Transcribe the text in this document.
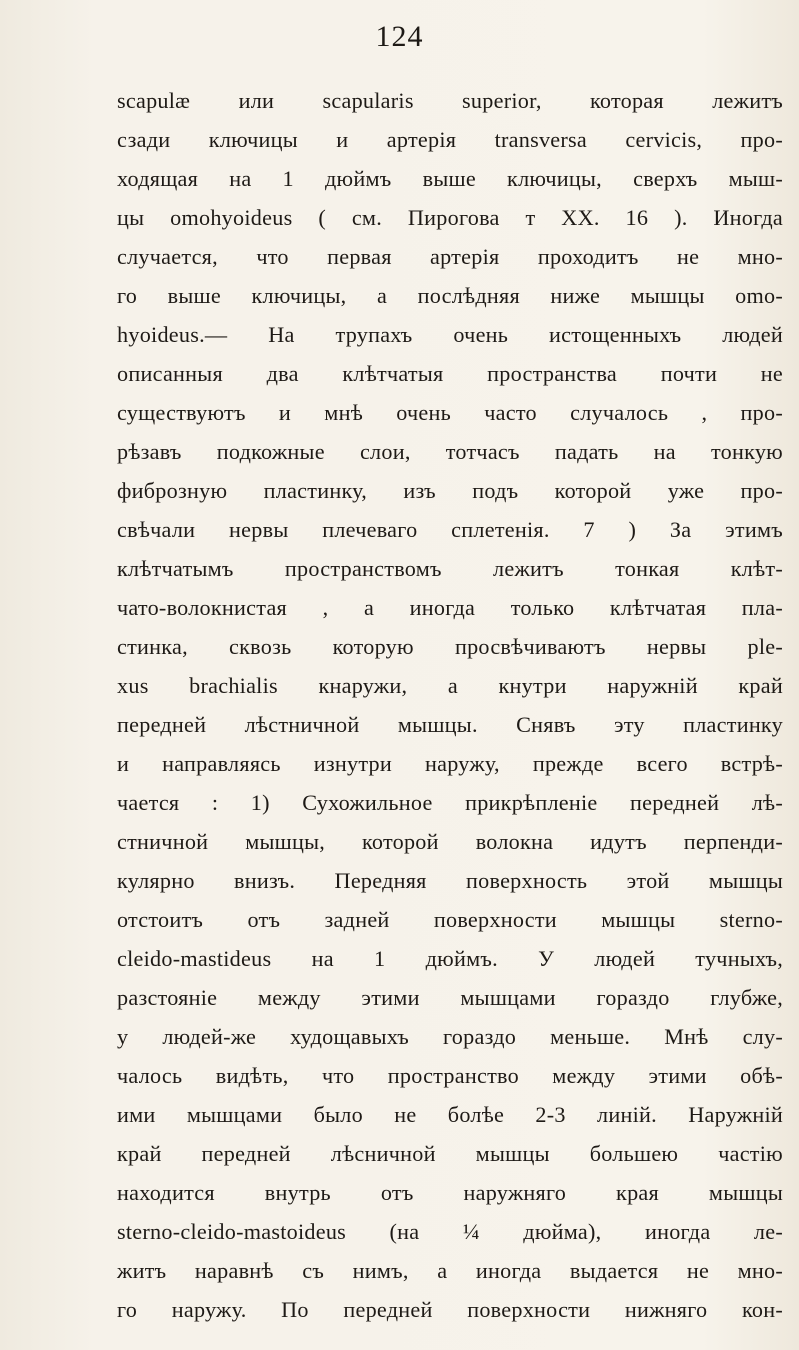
124
scapulæ или scapularis superior, которая лежитъ
сзади ключицы и артерія transversa cervicis, про-
ходящая на 1 дюймъ выше ключицы, сверхъ мыш-
цы omohyoideus ( см. Пирогова т XX. 16 ). Иногда
случается, что первая артерія проходитъ не мно-
го выше ключицы, а послѣдняя ниже мышцы omo-
hyoideus.— На трупахъ очень истощенныхъ людей
описанныя два клѣтчатыя пространства почти не
существуютъ и мнѣ очень часто случалось , про-
рѣзавъ подкожные слои, тотчасъ падать на тонкую
фиброзную пластинку, изъ подъ которой уже про-
свѣчали нервы плечеваго сплетенія. 7 ) За этимъ
клѣтчатымъ пространствомъ лежитъ тонкая клѣт-
чато-волокнистая , а иногда только клѣтчатая пла-
стинка, сквозь которую просвѣчиваютъ нервы ple-
xus brachialis кнаружи, а кнутри наружній край
передней лѣстничной мышцы. Снявъ эту пластинку
и направляясь изнутри наружу, прежде всего встрѣ-
чается : 1) Сухожильное прикрѣпленіе передней лѣ-
стничной мышцы, которой волокна идутъ перпенди-
кулярно внизъ. Передняя поверхность этой мышцы
отстоитъ отъ задней поверхности мышцы sterno-
cleido-mastideus на 1 дюймъ. У людей тучныхъ,
разстояніе между этими мышцами гораздо глубже,
у людей-же худощавыхъ гораздо меньше. Мнѣ слу-
чалось видѣть, что пространство между этими обѣ-
ими мышцами было не болѣе 2-3 линій. Наружній
край передней лѣсничной мышцы большею частію
находится внутрь отъ наружняго края мышцы
sterno-cleido-mastoideus (на ¼ дюйма), иногда ле-
житъ наравнѣ съ нимъ, а иногда выдается не мно-
го наружу. По передней поверхности нижняго кон-
